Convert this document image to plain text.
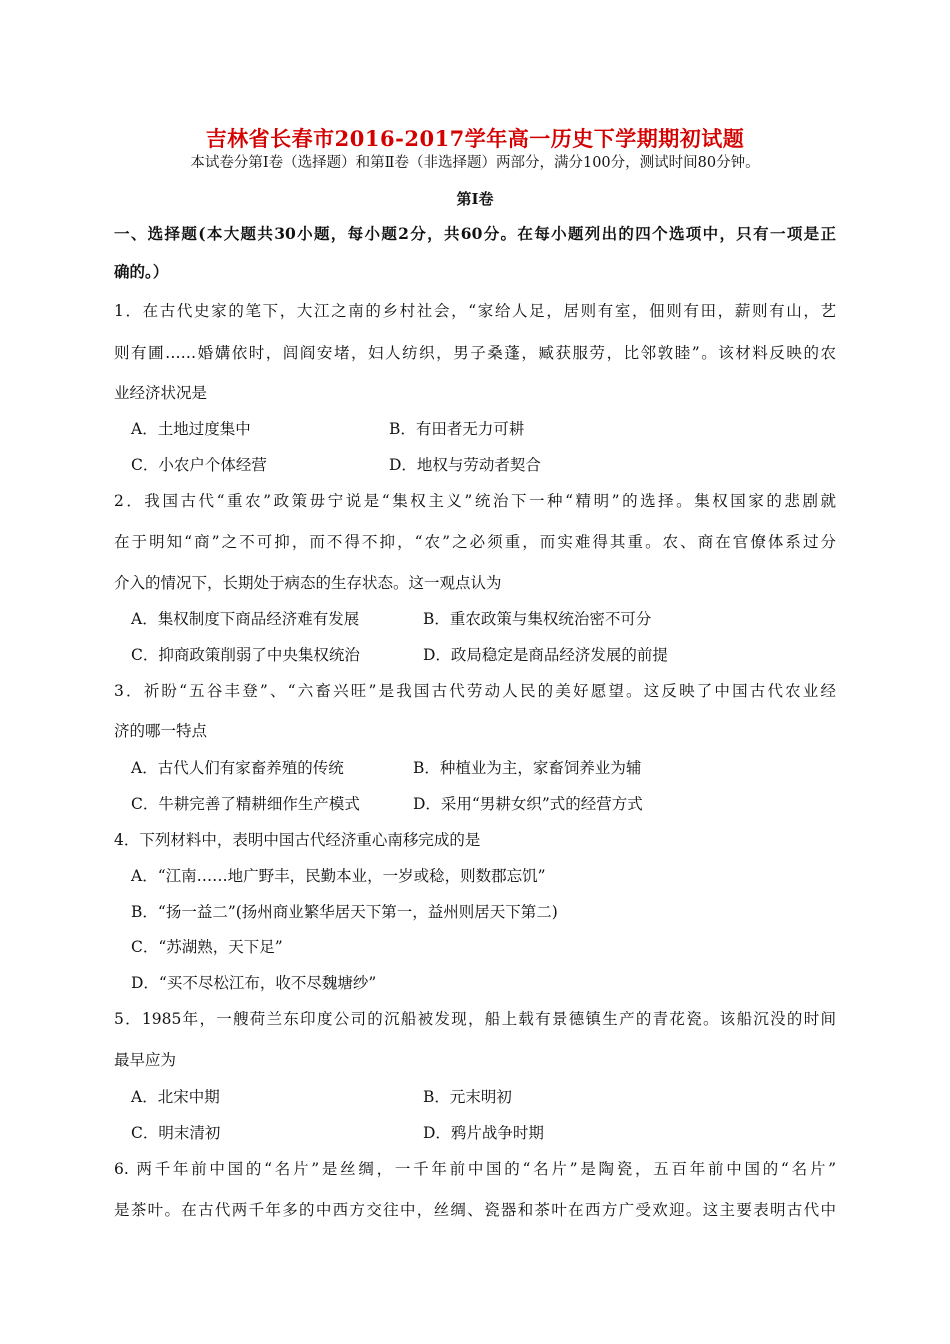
吉林省长春市2016-2017学年高一历史下学期期初试题
本试卷分第Ⅰ卷（选择题）和第Ⅱ卷（非选择题）两部分，满分100分，测试时间80分钟。
第Ⅰ卷
一、选择题(本大题共30小题，每小题2分，共60分。在每小题列出的四个选项中，只有一项是正
确的。）
1．在古代史家的笔下，大江之南的乡村社会，“家给人足，居则有室，佃则有田，薪则有山，艺
则有圃……婚媾依时，闾阎安堵，妇人纺织，男子桑蓬，臧获服劳，比邻敦睦”。该材料反映的农
业经济状况是
A．土地过度集中	B．有田者无力可耕
C．小农户个体经营	D．地权与劳动者契合
2．我国古代“重农”政策毋宁说是“集权主义”统治下一种“精明”的选择。集权国家的悲剧就
在于明知“商”之不可抑，而不得不抑，“农”之必须重，而实难得其重。农、商在官僚体系过分
介入的情况下，长期处于病态的生存状态。这一观点认为
A．集权制度下商品经济难有发展	B．重农政策与集权统治密不可分
C．抑商政策削弱了中央集权统治	D．政局稳定是商品经济发展的前提
3．祈盼“五谷丰登”、“六畜兴旺”是我国古代劳动人民的美好愿望。这反映了中国古代农业经
济的哪一特点
A．古代人们有家畜养殖的传统	B．种植业为主，家畜饲养业为辅
C．牛耕完善了精耕细作生产模式	D．采用“男耕女织”式的经营方式
4．下列材料中，表明中国古代经济重心南移完成的是
A．“江南……地广野丰，民勤本业，一岁或稔，则数郡忘饥”
B．“扬一益二”(扬州商业繁华居天下第一，益州则居天下第二)
C．“苏湖熟，天下足”
D．“买不尽松江布，收不尽魏塘纱”
5．1985年，一艘荷兰东印度公司的沉船被发现，船上载有景德镇生产的青花瓷。该船沉没的时间
最早应为
A．北宋中期	B．元末明初
C．明末清初	D．鸦片战争时期
6. 两千年前中国的“名片”是丝绸，一千年前中国的“名片”是陶瓷，五百年前中国的“名片”
是茶叶。在古代两千年多的中西方交往中，丝绸、瓷器和茶叶在西方广受欢迎。这主要表明古代中
